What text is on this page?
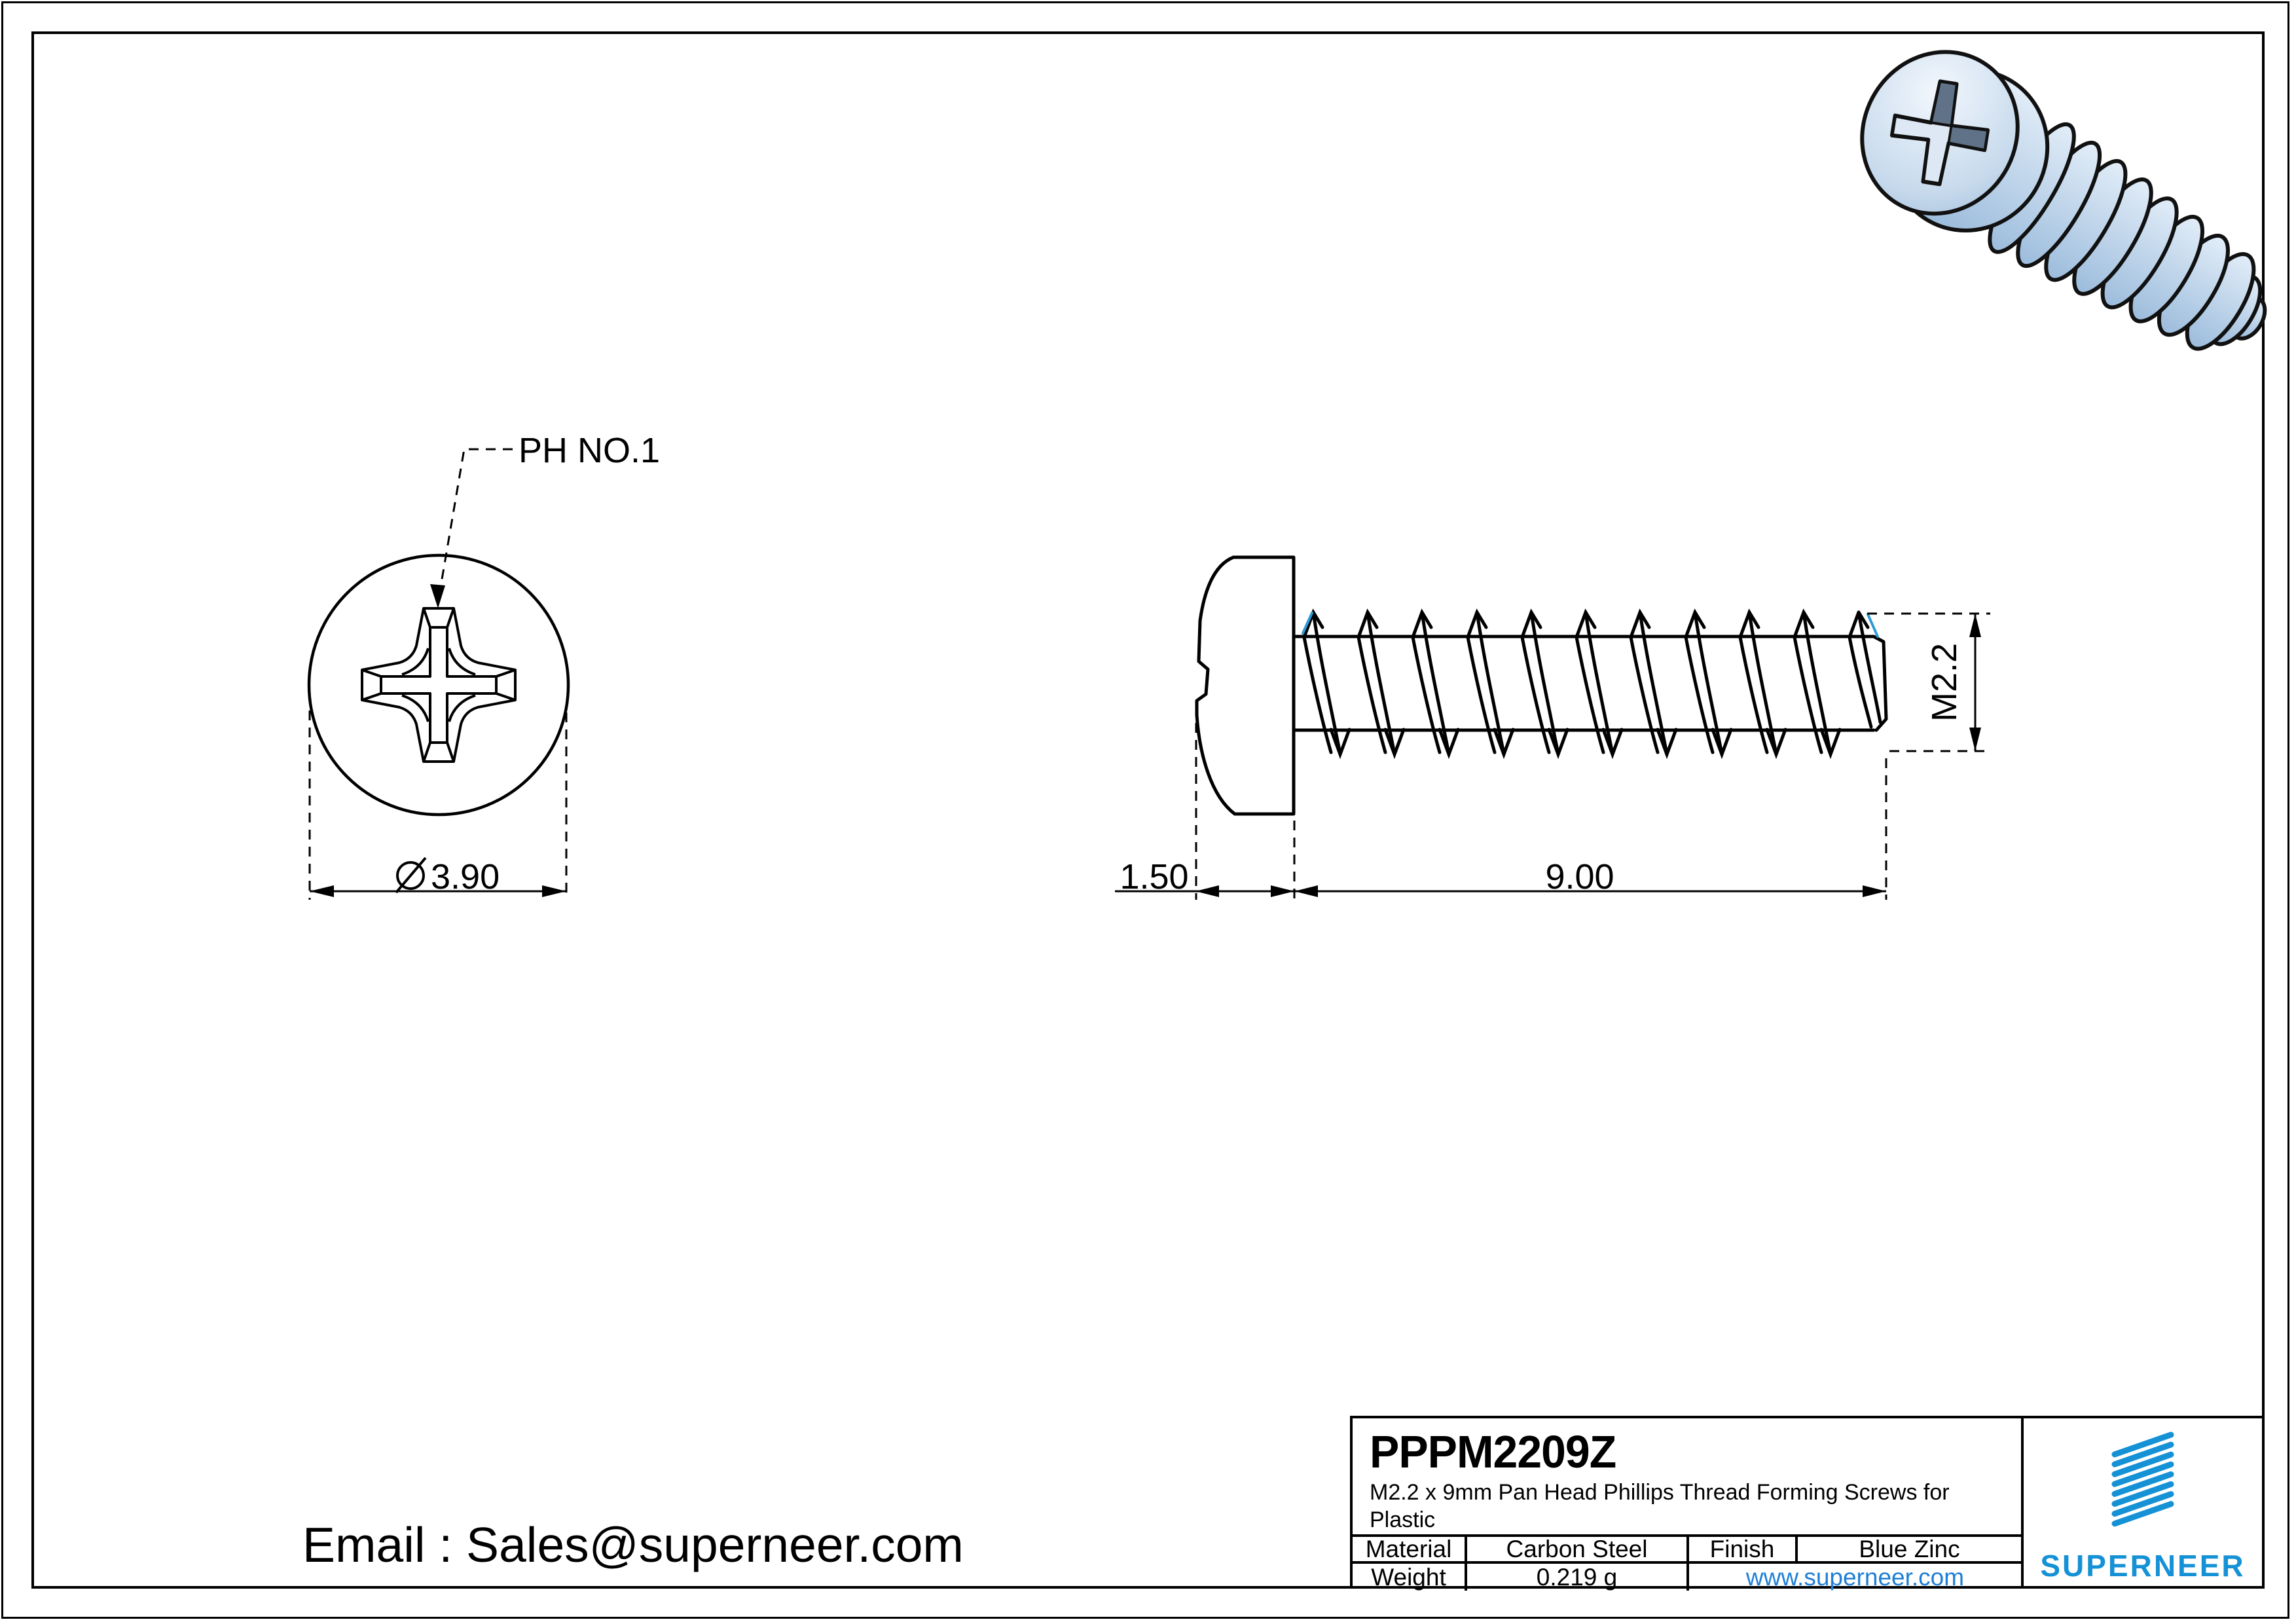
PH NO.1
3.90	1.50	9.00
M2.2
Email : Sales@superneer.com
PPPM2209Z
M2.2 x 9mm Pan Head Phillips Thread Forming Screws for Plastic
Material	Carbon Steel	Finish	Blue Zinc
Weight	0.219 g	www.superneer.com	SUPERNEER
